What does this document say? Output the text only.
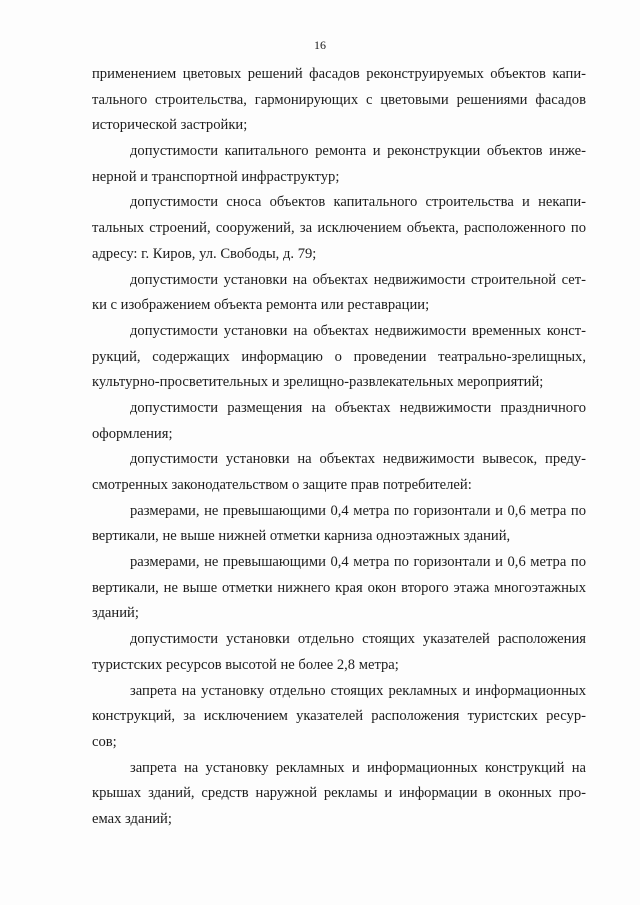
16
применением цветовых решений фасадов реконструируемых объектов капи-
тального строительства, гармонирующих с цветовыми решениями фасадов
исторической застройки;
допустимости капитального ремонта и реконструкции объектов инже-
нерной и транспортной инфраструктур;
допустимости сноса объектов капитального строительства и некапи-
тальных строений, сооружений, за исключением объекта, расположенного по
адресу: г. Киров, ул. Свободы, д. 79;
допустимости установки на объектах недвижимости строительной сет-
ки с изображением объекта ремонта или реставрации;
допустимости установки на объектах недвижимости временных конст-
рукций, содержащих информацию о проведении театрально-зрелищных,
культурно-просветительных и зрелищно-развлекательных мероприятий;
допустимости размещения на объектах недвижимости праздничного
оформления;
допустимости установки на объектах недвижимости вывесок, преду-
смотренных законодательством о защите прав потребителей:
размерами, не превышающими 0,4 метра по горизонтали и 0,6 метра по
вертикали, не выше нижней отметки карниза одноэтажных зданий,
размерами, не превышающими 0,4 метра по горизонтали и 0,6 метра по
вертикали, не выше отметки нижнего края окон второго этажа многоэтажных
зданий;
допустимости установки отдельно стоящих указателей расположения
туристских ресурсов высотой не более 2,8 метра;
запрета на установку отдельно стоящих рекламных и информационных
конструкций, за исключением указателей расположения туристских ресур-
сов;
запрета на установку рекламных и информационных конструкций на
крышах зданий, средств наружной рекламы и информации в оконных про-
емах зданий;
